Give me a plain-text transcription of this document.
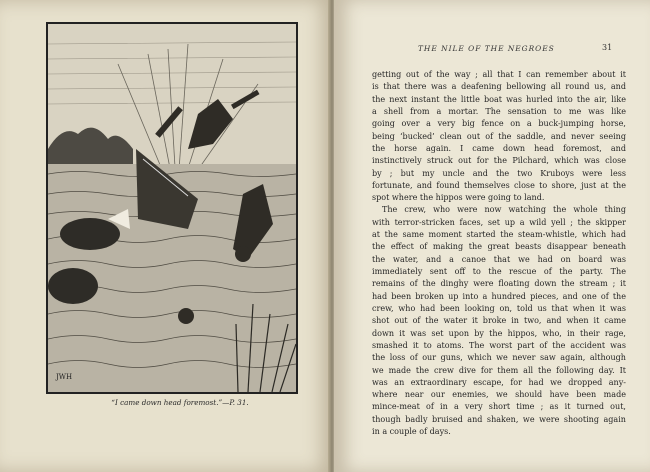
JWH
“I came down head foremost.”—P. 31.
THE NILE OF THE NEGROES	31
getting out of the way ; all that I can remember about it
is that there was a deafening bellowing all round us, and
the next instant the little boat was hurled into the air, like
a shell from a mortar. The sensation to me was like
going over a very big fence on a buck-jumping horse,
being ‘bucked’ clean out of the saddle, and never seeing
the horse again. I came down head foremost, and
instinctively struck out for the Pilchard, which was close
by ; but my uncle and the two Kruboys were less
fortunate, and found themselves close to shore, just at the
spot where the hippos were going to land.
The crew, who were now watching the whole thing
with terror-stricken faces, set up a wild yell ; the skipper
at the same moment started the steam-whistle, which had
the effect of making the great beasts disappear beneath
the water, and a canoe that we had on board was
immediately sent off to the rescue of the party. The
remains of the dinghy were floating down the stream ; it
had been broken up into a hundred pieces, and one of the
crew, who had been looking on, told us that when it was
shot out of the water it broke in two, and when it came
down it was set upon by the hippos, who, in their rage,
smashed it to atoms. The worst part of the accident was
the loss of our guns, which we never saw again, although
we made the crew dive for them all the following day. It
was an extraordinary escape, for had we dropped any-
where near our enemies, we should have been made
mince-meat of in a very short time ; as it turned out,
though badly bruised and shaken, we were shooting again
in a couple of days.
